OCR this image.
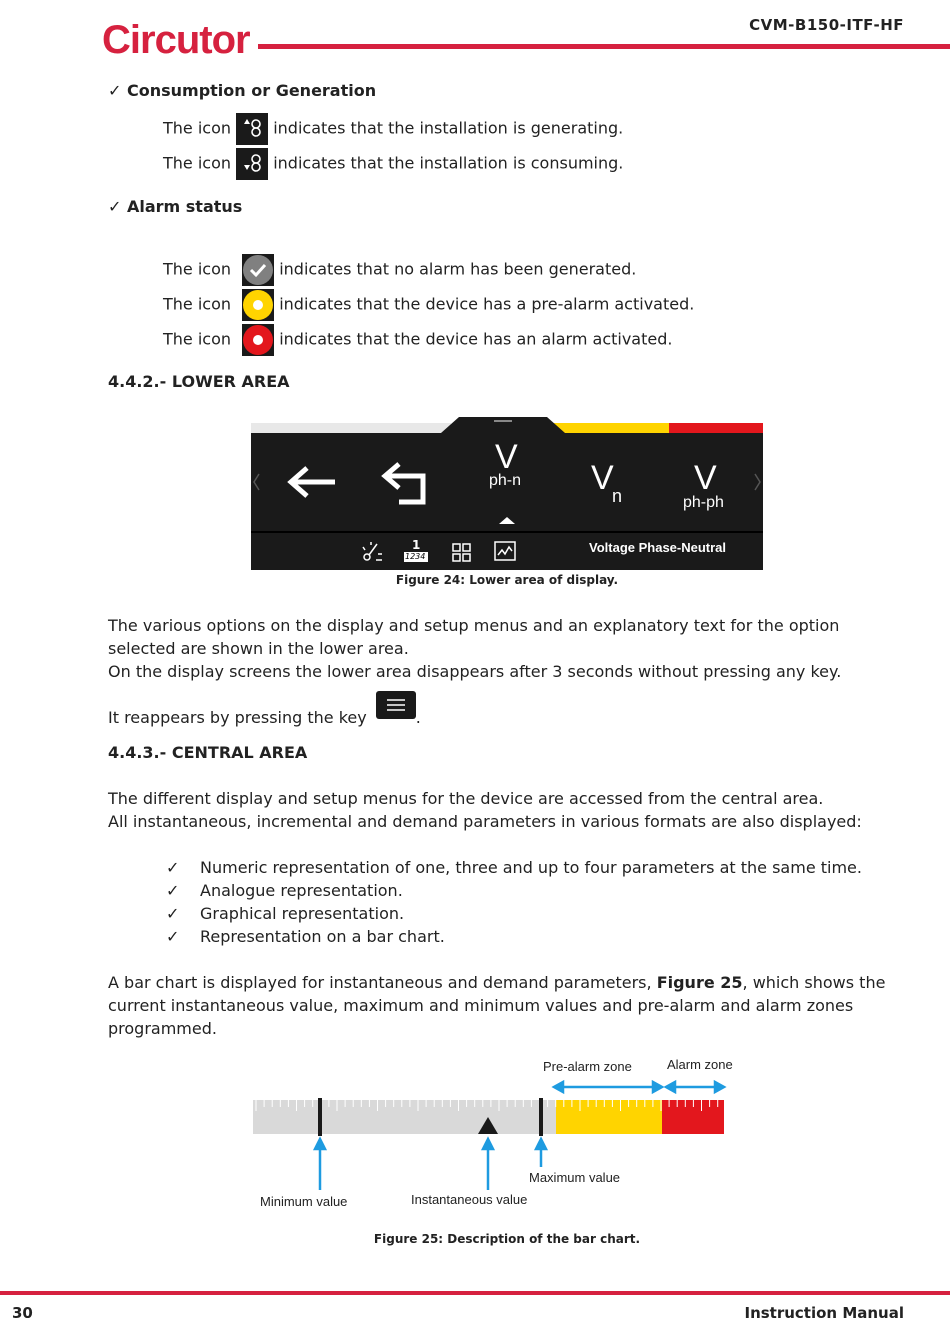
Circutor	CVM-B150-ITF-HF
✓ Consumption or Generation
The icon	indicates that the installation is generating.
The icon	indicates that the installation is consuming.
✓ Alarm status
The icon	indicates that no alarm has been generated.
The icon	indicates that the device has a pre-alarm activated.
The icon	indicates that the device has an alarm activated.
4.4.2.- LOWER AREA
V
ph-n V
n V
ph-ph
1
1234
Voltage Phase-Neutral
Figure 24: Lower area of display.
The various options on the display and setup menus and an explanatory text for the option selected are shown in the lower area.
On the display screens the lower area disappears after 3 seconds without pressing any key.
It reappears by pressing the key	.
4.4.3.- CENTRAL AREA
The different display and setup menus for the device are accessed from the central area.
All instantaneous, incremental and demand parameters in various formats are also displayed:
✓ Numeric representation of one, three and up to four parameters at the same time.
✓ Analogue representation.
✓ Graphical representation.
✓ Representation on a bar chart.
A bar chart is displayed for instantaneous and demand parameters, Figure 25, which shows the current instantaneous value, maximum and minimum values and pre-alarm and alarm zones programmed.
Pre-alarm zone	Alarm zone
Minimum value	Instantaneous value
Maximum value
Figure 25: Description of the bar chart.
30	Instruction Manual
